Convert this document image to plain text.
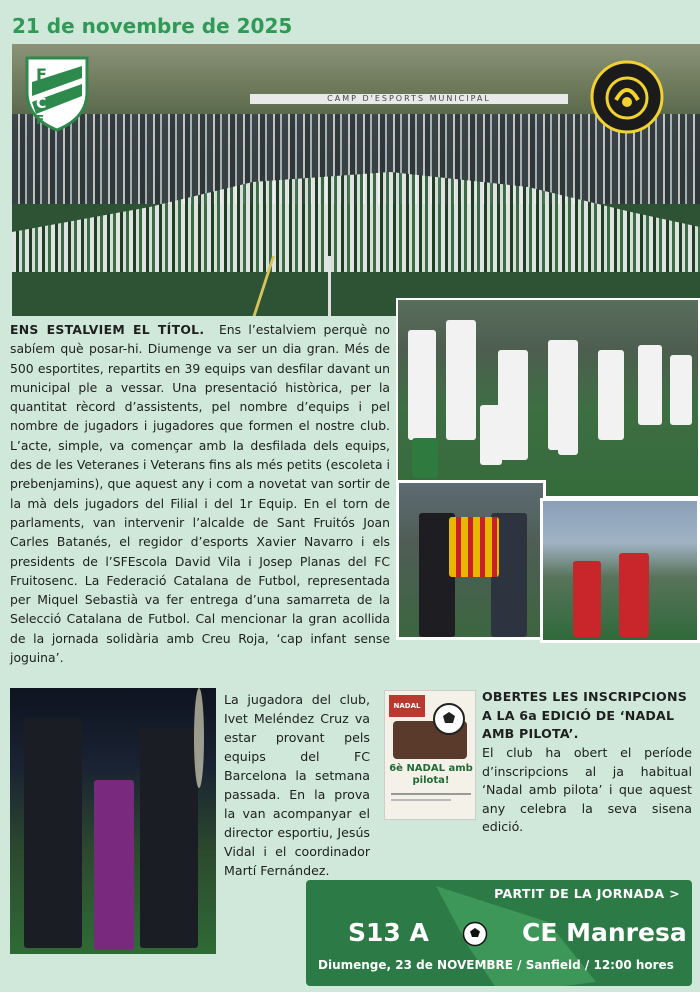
21 de novembre de 2025
CAMP D'ESPORTS MUNICIPAL
F
C
F
ENS ESTALVIEM EL TÍTOL. Ens l’estalviem perquè no sabíem què posar-hi. Diumenge va ser un dia gran. Més de 500 esportites, repartits en 39 equips van desfilar davant un municipal ple a vessar. Una presentació històrica, per la quantitat rècord d’assistents, pel nombre d’equips i pel nombre de jugadors i jugadores que formen el nostre club. L’acte, simple, va començar amb la desfilada dels equips, des de les Veteranes i Veterans fins als més petits (escoleta i prebenjamins), que aquest any i com a novetat van sortir de la mà dels jugadors del Filial i del 1r Equip. En el torn de parlaments, van intervenir l’alcalde de Sant Fruitós Joan Carles Batanés, el regidor d’esports Xavier Navarro i els presidents de l’SFEscola David Vila i Josep Planas del FC Fruitosenc. La Federació Catalana de Futbol, representada per Miquel Sebastià va fer entrega d’una samarreta de la Selecció Catalana de Futbol. Cal mencionar la gran acollida de la jornada solidària amb Creu Roja, ‘cap infant sense joguina’.
La jugadora del club, Ivet Meléndez Cruz va estar provant pels equips del FC Barcelona la setmana passada. En la prova la van acompanyar el director esportiu, Jesús Vidal i el coordinador Martí Fernández.
NADAL
6è NADAL amb pilota!
OBERTES LES INSCRIPCIONS A LA 6a EDICIÓ DE ‘NADAL AMB PILOTA’.
El club ha obert el període d’inscripcions al ja habitual ‘Nadal amb pilota’ i que aquest any celebra la seva sisena edició.
PARTIT DE LA JORNADA >
S13 A	CE Manresa
Diumenge, 23 de NOVEMBRE / Sanfield / 12:00 hores
